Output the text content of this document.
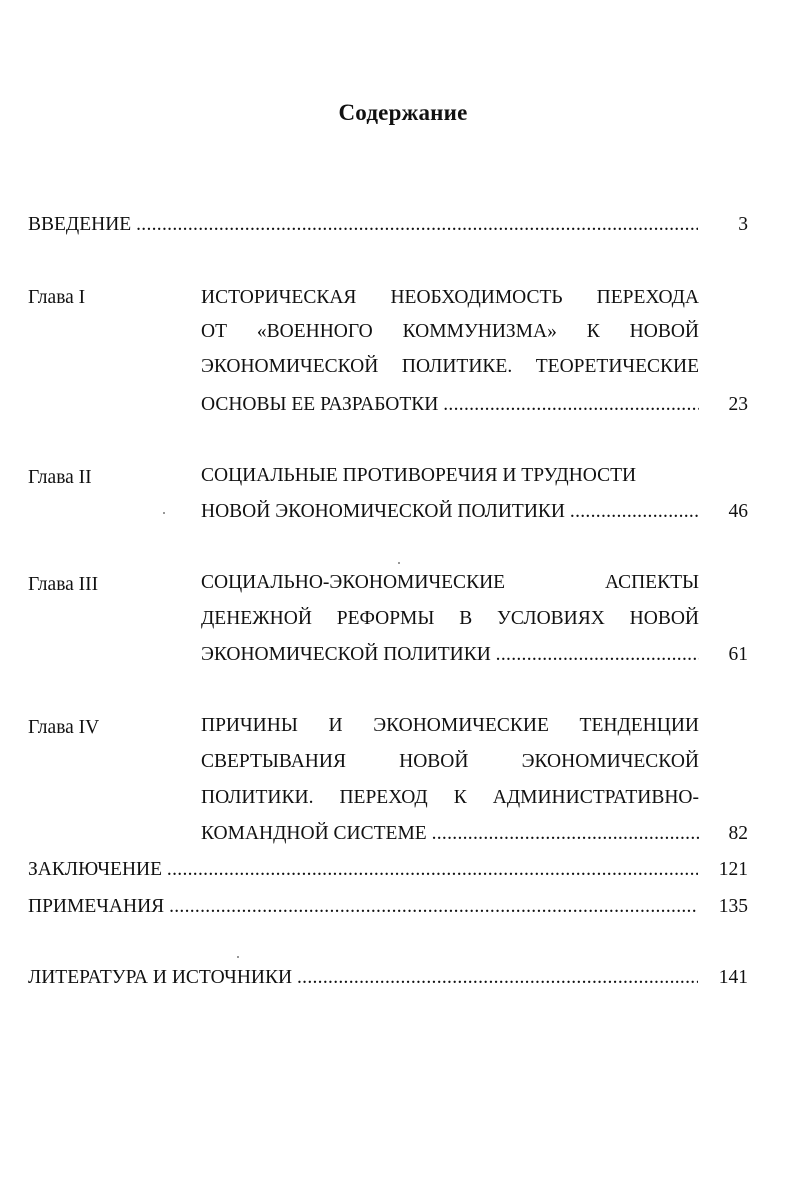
Содержание
ВВЕДЕНИЕ .....	3
Глава I	ИСТОРИЧЕСКАЯ НЕОБХОДИМОСТЬ ПЕРЕХОДА
ОТ «ВОЕННОГО КОММУНИЗМА» К НОВОЙ
ЭКОНОМИЧЕСКОЙ ПОЛИТИКЕ. ТЕОРЕТИЧЕСКИЕ
ОСНОВЫ ЕЕ РАЗРАБОТКИ .....	23
Глава II	СОЦИАЛЬНЫЕ ПРОТИВОРЕЧИЯ И ТРУДНОСТИ
НОВОЙ ЭКОНОМИЧЕСКОЙ ПОЛИТИКИ .....	46
Глава III	СОЦИАЛЬНО-ЭКОНОМИЧЕСКИЕ АСПЕКТЫ
ДЕНЕЖНОЙ РЕФОРМЫ В УСЛОВИЯХ НОВОЙ
ЭКОНОМИЧЕСКОЙ ПОЛИТИКИ .....	61
Глава IV	ПРИЧИНЫ И ЭКОНОМИЧЕСКИЕ ТЕНДЕНЦИИ
СВЕРТЫВАНИЯ НОВОЙ ЭКОНОМИЧЕСКОЙ
ПОЛИТИКИ. ПЕРЕХОД К АДМИНИСТРАТИВНО-
КОМАНДНОЙ СИСТЕМЕ .....	82
ЗАКЛЮЧЕНИЕ .....	121
ПРИМЕЧАНИЯ .....	135
ЛИТЕРАТУРА И ИСТОЧНИКИ .....	141
